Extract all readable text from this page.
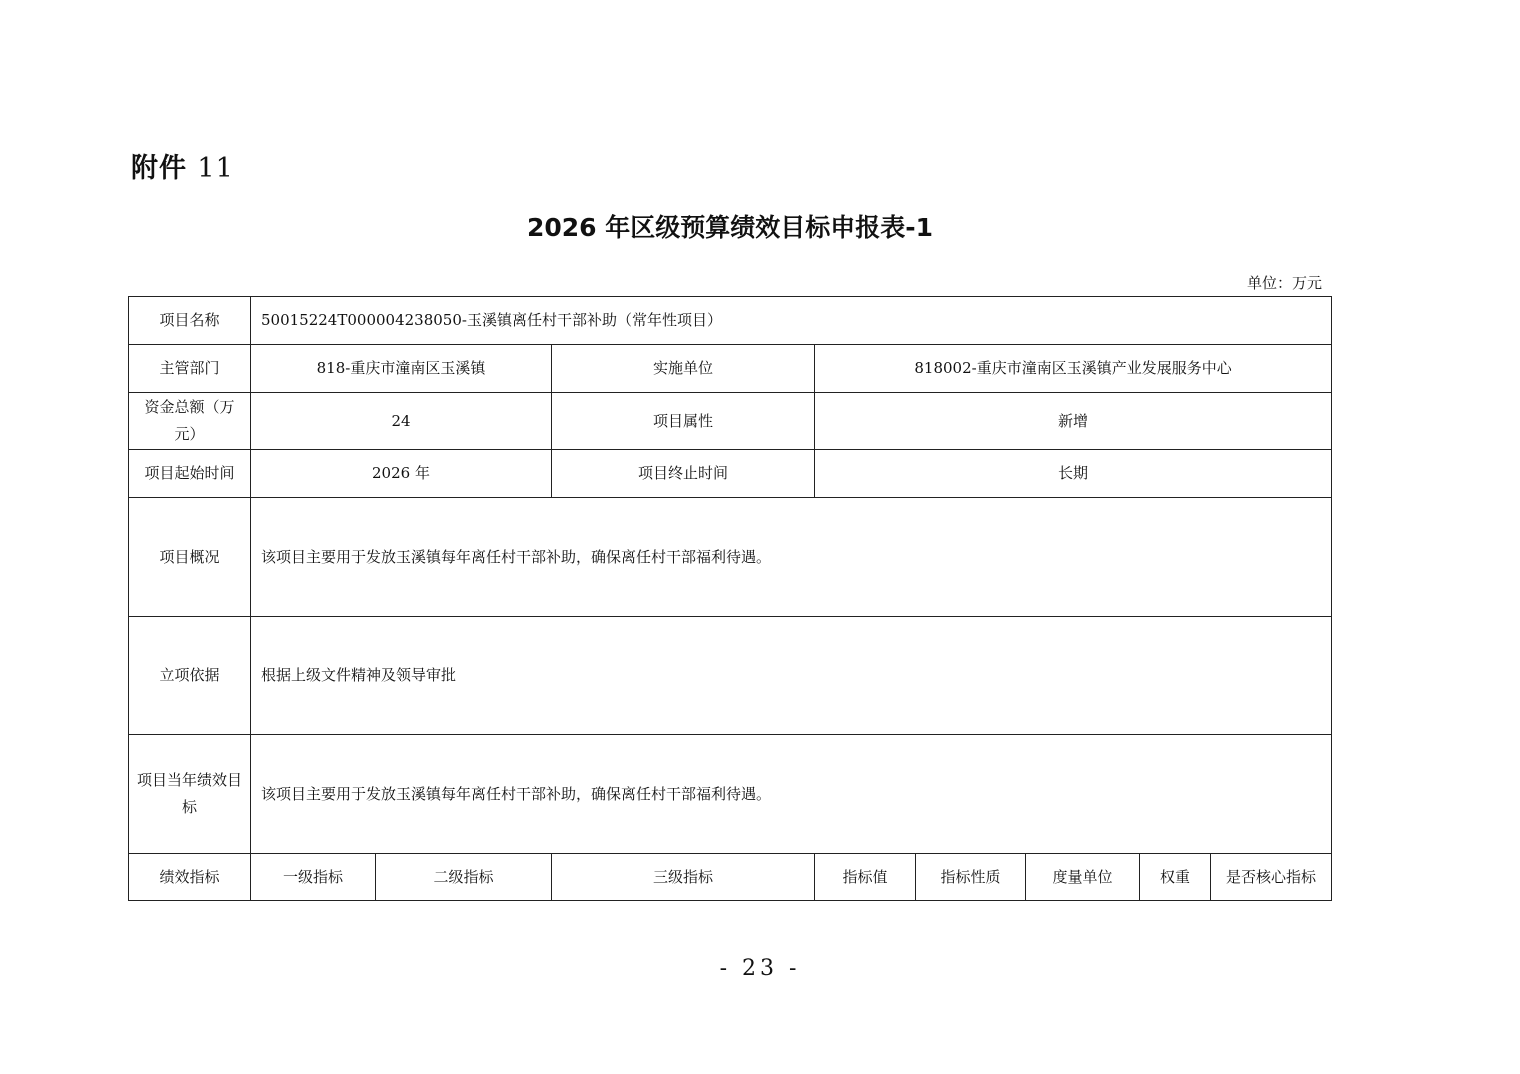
附件 11
2026 年区级预算绩效目标申报表-1
单位：万元
项目名称	50015224T000004238050-玉溪镇离任村干部补助（常年性项目）							
主管部门	818-重庆市潼南区玉溪镇		实施单位	818002-重庆市潼南区玉溪镇产业发展服务中心				
资金总额（万元）	24		项目属性	新增				
项目起始时间	2026 年		项目终止时间	长期				
项目概况	该项目主要用于发放玉溪镇每年离任村干部补助，确保离任村干部福利待遇。							
立项依据	根据上级文件精神及领导审批							
项目当年绩效目标	该项目主要用于发放玉溪镇每年离任村干部补助，确保离任村干部福利待遇。							
绩效指标	一级指标	二级指标	三级指标	指标值	指标性质	度量单位	权重	是否核心指标
- 23 -
